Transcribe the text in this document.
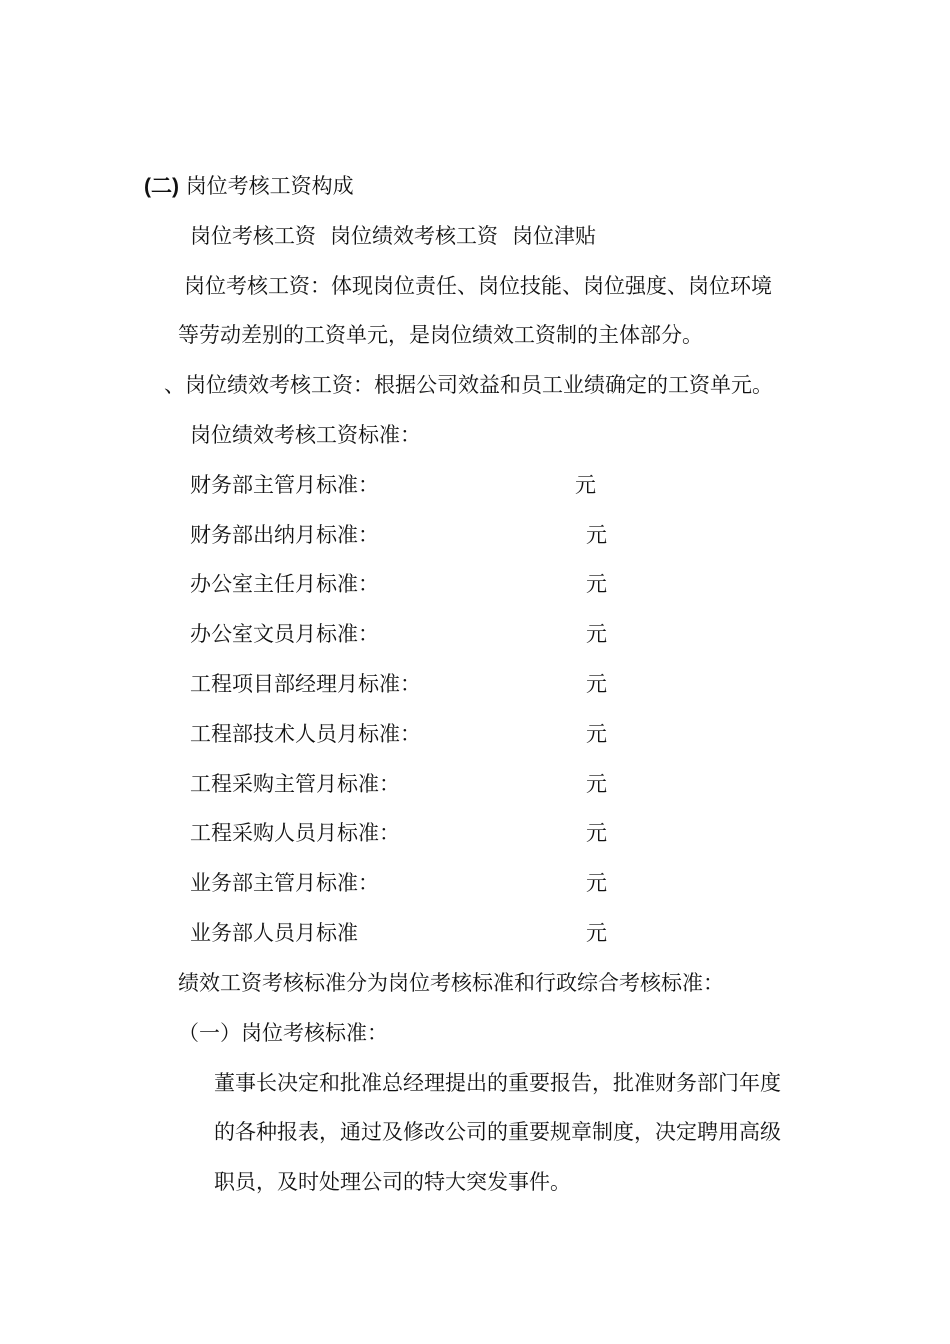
(二) 岗位考核工资构成
岗位考核工资 岗位绩效考核工资 岗位津贴
岗位考核工资：体现岗位责任、岗位技能、岗位强度、岗位环境
等劳动差别的工资单元，是岗位绩效工资制的主体部分。
、岗位绩效考核工资：根据公司效益和员工业绩确定的工资单元。
岗位绩效考核工资标准：
财务部主管月标准：	元
财务部出纳月标准：	元
办公室主任月标准：	元
办公室文员月标准：	元
工程项目部经理月标准：	元
工程部技术人员月标准：	元
工程采购主管月标准：	元
工程采购人员月标准：	元
业务部主管月标准：	元
业务部人员月标准	元
绩效工资考核标准分为岗位考核标准和行政综合考核标准：
（一）岗位考核标准：
董事长决定和批准总经理提出的重要报告，批准财务部门年度
的各种报表，通过及修改公司的重要规章制度，决定聘用高级
职员，及时处理公司的特大突发事件。
